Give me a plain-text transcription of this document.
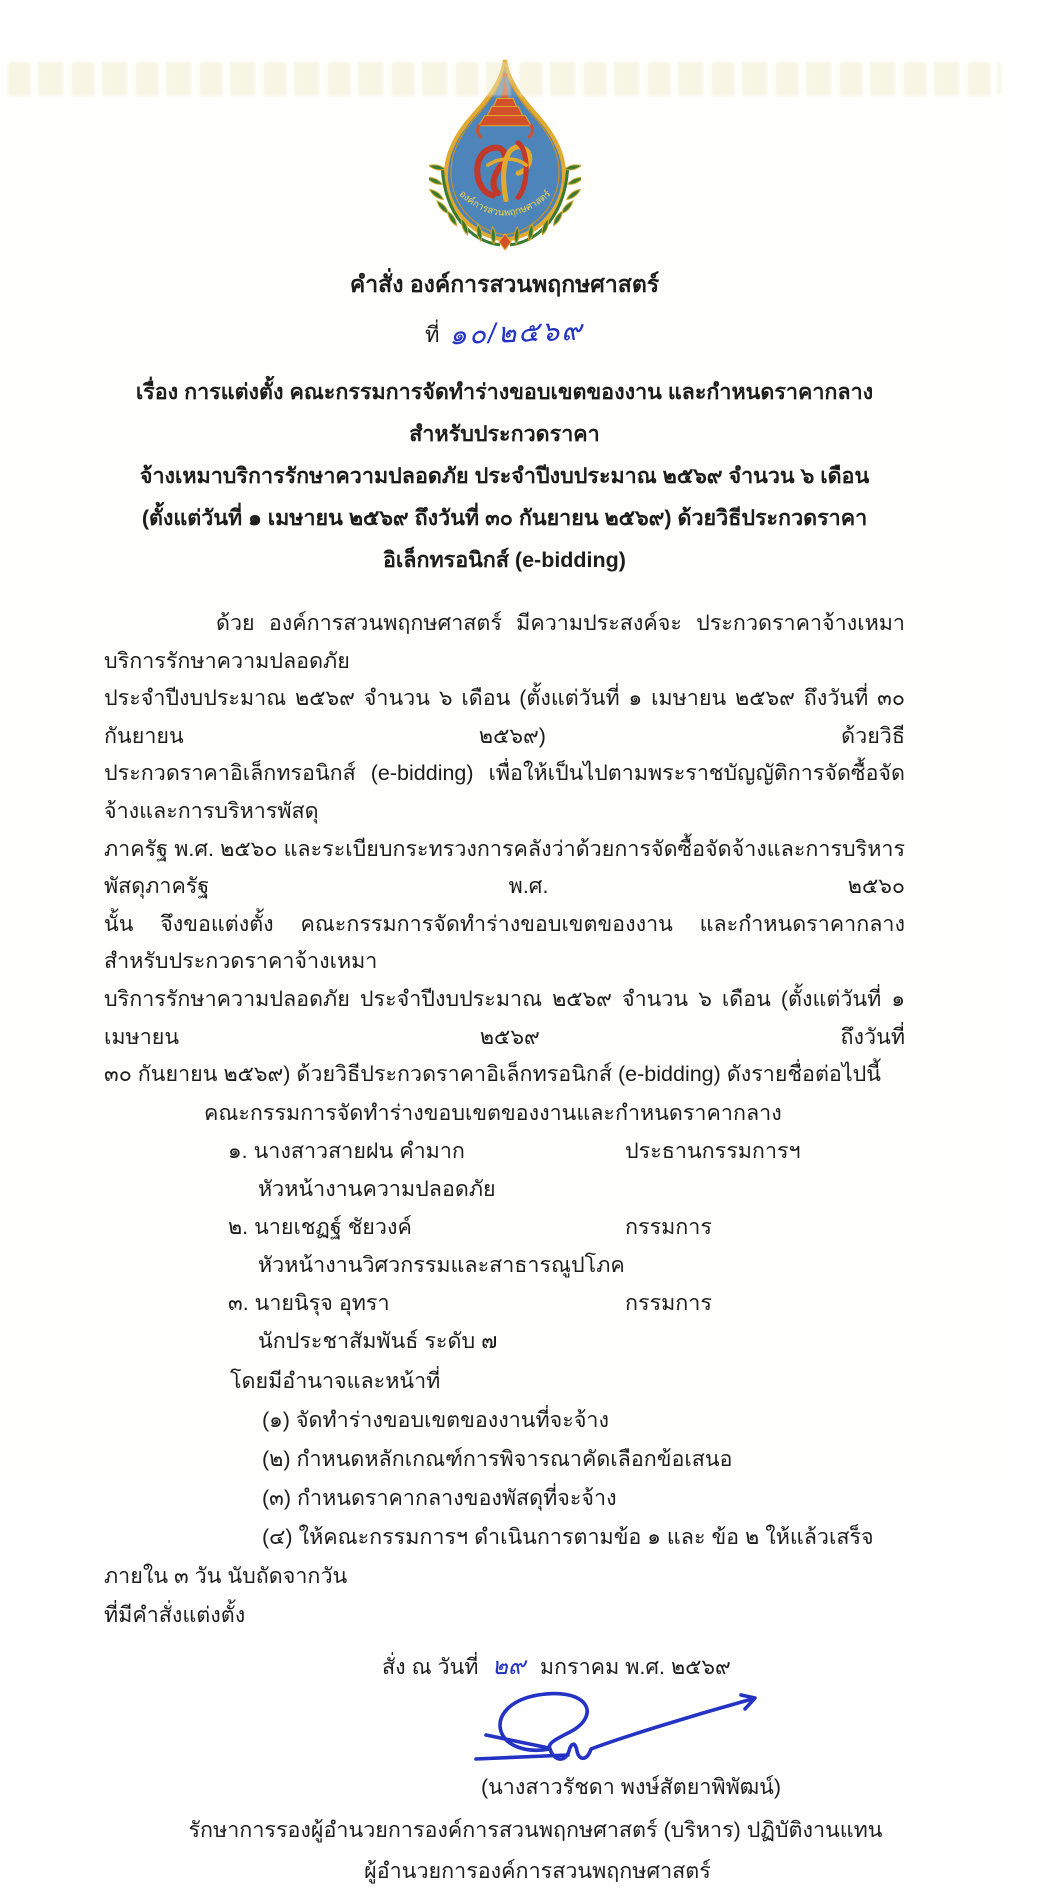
องค์การสวนพฤกษศาสตร์
คำสั่ง องค์การสวนพฤกษศาสตร์
ที่ ๑๐/๒๕๖๙
เรื่อง การแต่งตั้ง คณะกรรมการจัดทำร่างขอบเขตของงาน และกำหนดราคากลาง สำหรับประกวดราคา
จ้างเหมาบริการรักษาความปลอดภัย ประจำปีงบประมาณ ๒๕๖๙ จำนวน ๖ เดือน
(ตั้งแต่วันที่ ๑ เมษายน ๒๕๖๙ ถึงวันที่ ๓๐ กันยายน ๒๕๖๙) ด้วยวิธีประกวดราคาอิเล็กทรอนิกส์ (e-bidding)
ด้วย องค์การสวนพฤกษศาสตร์ มีความประสงค์จะ ประกวดราคาจ้างเหมาบริการรักษาความปลอดภัย
ประจำปีงบประมาณ ๒๕๖๙ จำนวน ๖ เดือน (ตั้งแต่วันที่ ๑ เมษายน ๒๕๖๙ ถึงวันที่ ๓๐ กันยายน ๒๕๖๙) ด้วยวิธี
ประกวดราคาอิเล็กทรอนิกส์ (e-bidding) เพื่อให้เป็นไปตามพระราชบัญญัติการจัดซื้อจัดจ้างและการบริหารพัสดุ
ภาครัฐ พ.ศ. ๒๕๖๐ และระเบียบกระทรวงการคลังว่าด้วยการจัดซื้อจัดจ้างและการบริหารพัสดุภาครัฐ พ.ศ. ๒๕๖๐
นั้น จึงขอแต่งตั้ง คณะกรรมการจัดทำร่างขอบเขตของงาน และกำหนดราคากลาง สำหรับประกวดราคาจ้างเหมา
บริการรักษาความปลอดภัย ประจำปีงบประมาณ ๒๕๖๙ จำนวน ๖ เดือน (ตั้งแต่วันที่ ๑ เมษายน ๒๕๖๙ ถึงวันที่
๓๐ กันยายน ๒๕๖๙) ด้วยวิธีประกวดราคาอิเล็กทรอนิกส์ (e-bidding) ดังรายชื่อต่อไปนี้
คณะกรรมการจัดทำร่างขอบเขตของงานและกำหนดราคากลาง
๑. นางสาวสายฝน คำมาก	ประธานกรรมการฯ
หัวหน้างานความปลอดภัย
๒. นายเชฏฐ์ ชัยวงค์	กรรมการ
หัวหน้างานวิศวกรรมและสาธารณูปโภค
๓. นายนิรุจ อุทรา	กรรมการ
นักประชาสัมพันธ์ ระดับ ๗
โดยมีอำนาจและหน้าที่
(๑) จัดทำร่างขอบเขตของงานที่จะจ้าง
(๒) กำหนดหลักเกณฑ์การพิจารณาคัดเลือกข้อเสนอ
(๓) กำหนดราคากลางของพัสดุที่จะจ้าง
(๔) ให้คณะกรรมการฯ ดำเนินการตามข้อ ๑ และ ข้อ ๒ ให้แล้วเสร็จภายใน ๓ วัน นับถัดจากวัน
ที่มีคำสั่งแต่งตั้ง
สั่ง ณ วันที่ ๒๙ มกราคม พ.ศ. ๒๕๖๙
(นางสาวรัชดา พงษ์สัตยาพิพัฒน์)
รักษาการรองผู้อำนวยการองค์การสวนพฤกษศาสตร์ (บริหาร) ปฏิบัติงานแทน
ผู้อำนวยการองค์การสวนพฤกษศาสตร์
